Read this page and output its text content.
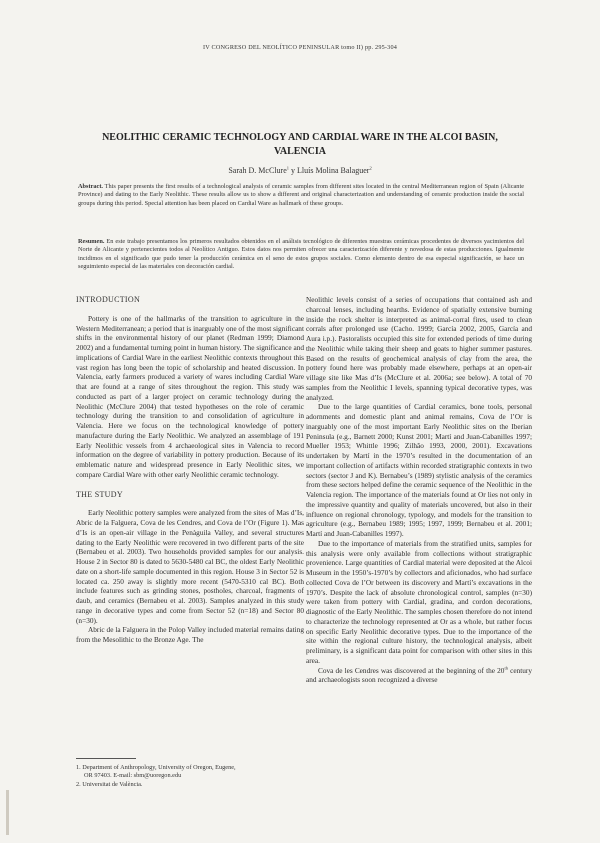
IV CONGRESO DEL NEOLÍTICO PENINSULAR tomo II) pp. 295-304
NEOLITHIC CERAMIC TECHNOLOGY AND CARDIAL WARE IN THE ALCOI BASIN,
VALENCIA
Sarah D. McClure$^1$ y Lluís Molina Balaguer$^2$
Abstract. This paper presents the first results of a technological analysis of ceramic samples from different sites located in the central Mediterranean region of Spain (Alicante Province) and dating to the Early Neolithic. These results allow us to show a different and original characterization and understanding of ceramic production inside the social groups during this period. Special attention has been placed on Cardial Ware as hallmark of these groups.
Resumen. En este trabajo presentamos los primeros resultados obtenidos en el análisis tecnológico de diferentes muestras cerámicas procedentes de diversos yacimientos del Norte de Alicante y pertenecientes todos al Neolítico Antiguo. Estos datos nos permiten ofrecer una caracterización diferente y novedosa de estas producciones. Igualmente incidimos en el significado que pudo tener la producción cerámica en el seno de estos grupos sociales. Como elemento dentro de esa especial significación, se hace un seguimiento especial de las materiales con decoración cardial.
INTRODUCTION

Pottery is one of the hallmarks of the transition to agriculture in the Western Mediterranean; a period that is inarguably one of the most significant shifts in the environmental history of our planet (Redman 1999; Diamond 2002) and a fundamental turning point in human history. The significance and implications of Cardial Ware in the earliest Neolithic contexts throughout this vast region has long been the topic of scholarship and heated discussion. In Valencia, early farmers produced a variety of wares including Cardial Ware that are found at a range of sites throughout the region. This study was conducted as part of a larger project on ceramic technology during the Neolithic (McClure 2004) that tested hypotheses on the role of ceramic technology during the transition to and consolidation of agriculture in Valencia. Here we focus on the technological knowledge of pottery manufacture during the Early Neolithic. We analyzed an assemblage of 191 Early Neolithic vessels from 4 archaeological sites in Valencia to record information on the degree of variability in pottery production. Because of its emblematic nature and widespread presence in Early Neolithic sites, we compare Cardial Ware with other early Neolithic ceramic technology.

THE STUDY

Early Neolithic pottery samples were analyzed from the sites of Mas d’Is, Abric de la Falguera, Cova de les Cendres, and Cova de l’Or (Figure 1). Mas d’Is is an open-air village in the Penàguila Valley, and several structures dating to the Early Neolithic were recovered in two different parts of the site (Bernabeu et al. 2003). Two households provided samples for our analysis. House 2 in Sector 80 is dated to 5630-5480 cal BC, the oldest Early Neolithic date on a short-life sample documented in this region. House 3 in Sector 52 is located ca. 250 away is slightly more recent (5470-5310 cal BC). Both include features such as grinding stones, postholes, charcoal, fragments of daub, and ceramics (Bernabeu et al. 2003). Samples analyzed in this study range in decorative types and come from Sector 52 (n=18) and Sector 80 (n=30).

Abric de la Falguera in the Polop Valley included material remains dating from the Mesolithic to the Bronze Age. The

1. Department of Anthropology, University of Oregon, Eugene,

OR 97403. E-mail: sbm@uoregon.edu

2. Universitat de València.

Neolithic levels consist of a series of occupations that contained ash and charcoal lenses, including hearths. Evidence of spatially extensive burning inside the rock shelter is interpreted as animal-corral fires, used to clean corrals after prolonged use (Cacho. 1999; García 2002, 2005, García and Aura i.p.). Pastoralists occupied this site for extended periods of time during the Neolithic while taking their sheep and goats to higher summer pastures. Based on the results of geochemical analysis of clay from the area, the pottery found here was probably made elsewhere, perhaps at an open-air village site like Mas d’Is (McClure et al. 2006a; see below). A total of 70 samples from the Neolithic I levels, spanning typical decorative types, was analyzed.

Due to the large quantities of Cardial ceramics, bone tools, personal adornments and domestic plant and animal remains, Cova de l’Or is inarguably one of the most important Early Neolithic sites on the Iberian Peninsula (e.g., Barnett 2000; Kunst 2001; Martí and Juan-Cabanilles 1997; Mueller 1953; Whittle 1996; Zilhão 1993, 2000, 2001). Excavations undertaken by Martí in the 1970’s resulted in the documentation of an important collection of artifacts within recorded stratigraphic contexts in two sectors (sector J and K). Bernabeu’s (1989) stylistic analysis of the ceramics from these sectors helped define the ceramic sequence of the Neolithic in the Valencia region. The importance of the materials found at Or lies not only in the impressive quantity and quality of materials uncovered, but also in their influence on regional chronology, typology, and models for the transition to agriculture (e.g., Bernabeu 1989; 1995; 1997, 1999; Bernabeu et al. 2001; Martí and Juan-Cabanilles 1997).

Due to the importance of materials from the stratified units, samples for this analysis were only available from collections without stratigraphic provenience. Large quantities of Cardial material were deposited at the Alcoi Museum in the 1950’s-1970’s by collectors and aficionados, who had surface collected Cova de l’Or between its discovery and Martí’s excavations in the 1970’s. Despite the lack of absolute chronological control, samples (n=30) were taken from pottery with Cardial, gradina, and cordon decorations, diagnostic of the Early Neolithic. The samples chosen therefore do not intend to characterize the technology represented at Or as a whole, but rather focus on specific Early Neolithic decorative types. Due to the importance of the site within the regional culture history, the technological analysis, albeit preliminary, is a significant data point for comparison with other sites in this area.

Cova de les Cendres was discovered at the beginning of the 20th century and archaeologists soon recognized a diverse
